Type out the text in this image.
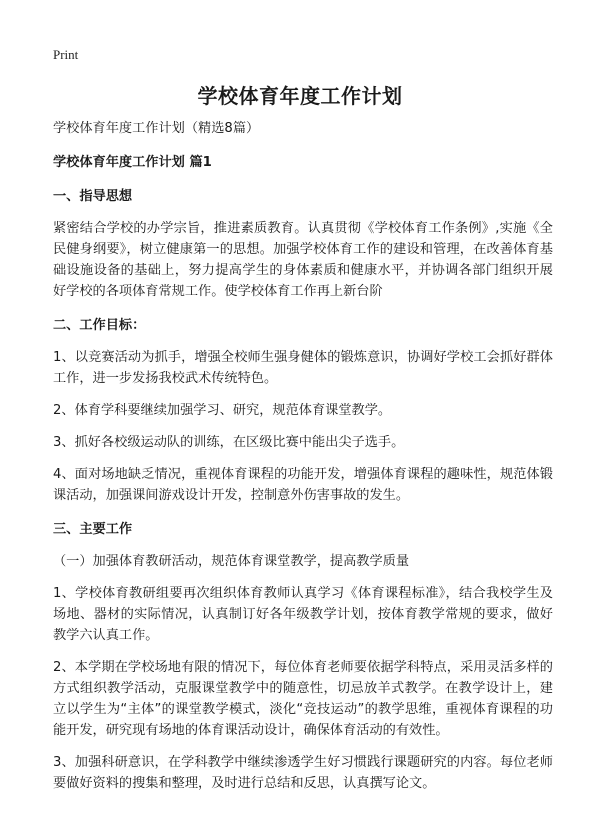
Print
学校体育年度工作计划

学校体育年度工作计划（精选8篇）

学校体育年度工作计划 篇1

一、指导思想

紧密结合学校的办学宗旨，推进素质教育。认真贯彻《学校体育工作条例》,实施《全民健身纲要》，树立健康第一的思想。加强学校体育工作的建设和管理，在改善体育基础设施设备的基础上，努力提高学生的身体素质和健康水平，并协调各部门组织开展好学校的各项体育常规工作。使学校体育工作再上新台阶

二、工作目标：

1、以竞赛活动为抓手，增强全校师生强身健体的锻炼意识，协调好学校工会抓好群体工作，进一步发扬我校武术传统特色。

2、体育学科要继续加强学习、研究，规范体育课堂教学。

3、抓好各校级运动队的训练，在区级比赛中能出尖子选手。

4、面对场地缺乏情况，重视体育课程的功能开发，增强体育课程的趣味性，规范体锻课活动，加强课间游戏设计开发，控制意外伤害事故的发生。

三、主要工作

（一）加强体育教研活动，规范体育课堂教学，提高教学质量

1、学校体育教研组要再次组织体育教师认真学习《体育课程标准》，结合我校学生及场地、器材的实际情况，认真制订好各年级教学计划，按体育教学常规的要求，做好教学六认真工作。

2、本学期在学校场地有限的情况下，每位体育老师要依据学科特点，采用灵活多样的方式组织教学活动，克服课堂教学中的随意性，切忌放羊式教学。在教学设计上，建立以学生为“主体”的课堂教学模式，淡化“竞技运动”的教学思维，重视体育课程的功能开发，研究现有场地的体育课活动设计，确保体育活动的有效性。

3、加强科研意识，在学科教学中继续渗透学生好习惯践行课题研究的内容。每位老师要做好资料的搜集和整理，及时进行总结和反思，认真撰写论文。
